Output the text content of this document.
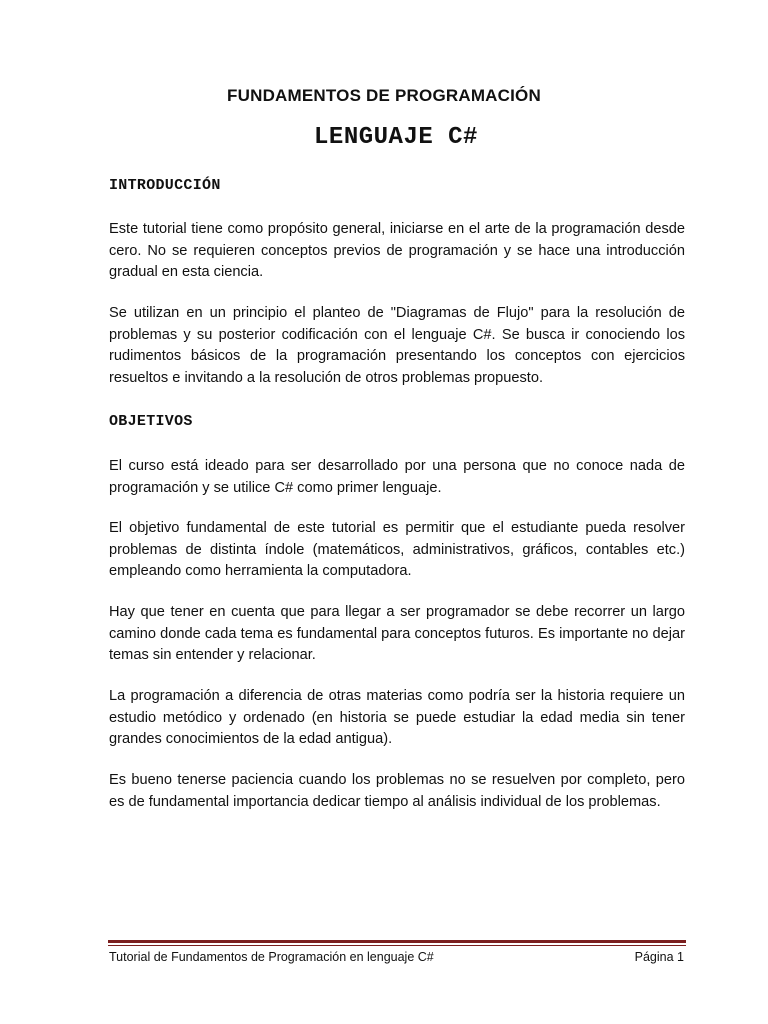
FUNDAMENTOS DE PROGRAMACIÓN
LENGUAJE C#
INTRODUCCIÓN
Este tutorial tiene como propósito general, iniciarse en el arte de la programación desde cero. No se requieren conceptos previos de programación y se hace una introducción gradual en esta ciencia.
Se utilizan en un principio el planteo de "Diagramas de Flujo" para la resolución de problemas y su posterior codificación con el lenguaje C#. Se busca ir conociendo los rudimentos básicos de la programación presentando los conceptos con ejercicios resueltos e invitando a la resolución de otros problemas propuesto.
OBJETIVOS
El curso está ideado para ser desarrollado por una persona que no conoce nada de programación y se utilice C# como primer lenguaje.
El objetivo fundamental de este tutorial es permitir que el estudiante pueda resolver problemas de distinta índole (matemáticos, administrativos, gráficos, contables etc.) empleando como herramienta la computadora.
Hay que tener en cuenta que para llegar a ser programador se debe recorrer un largo camino donde cada tema es fundamental para conceptos futuros. Es importante no dejar temas sin entender y relacionar.
La programación a diferencia de otras materias como podría ser la historia requiere un estudio metódico y ordenado (en historia se puede estudiar la edad media sin tener grandes conocimientos de la edad antigua).
Es bueno tenerse paciencia cuando los problemas no se resuelven por completo, pero es de fundamental importancia dedicar tiempo al análisis individual de los problemas.
Tutorial de Fundamentos de Programación en lenguaje C#	Página 1
